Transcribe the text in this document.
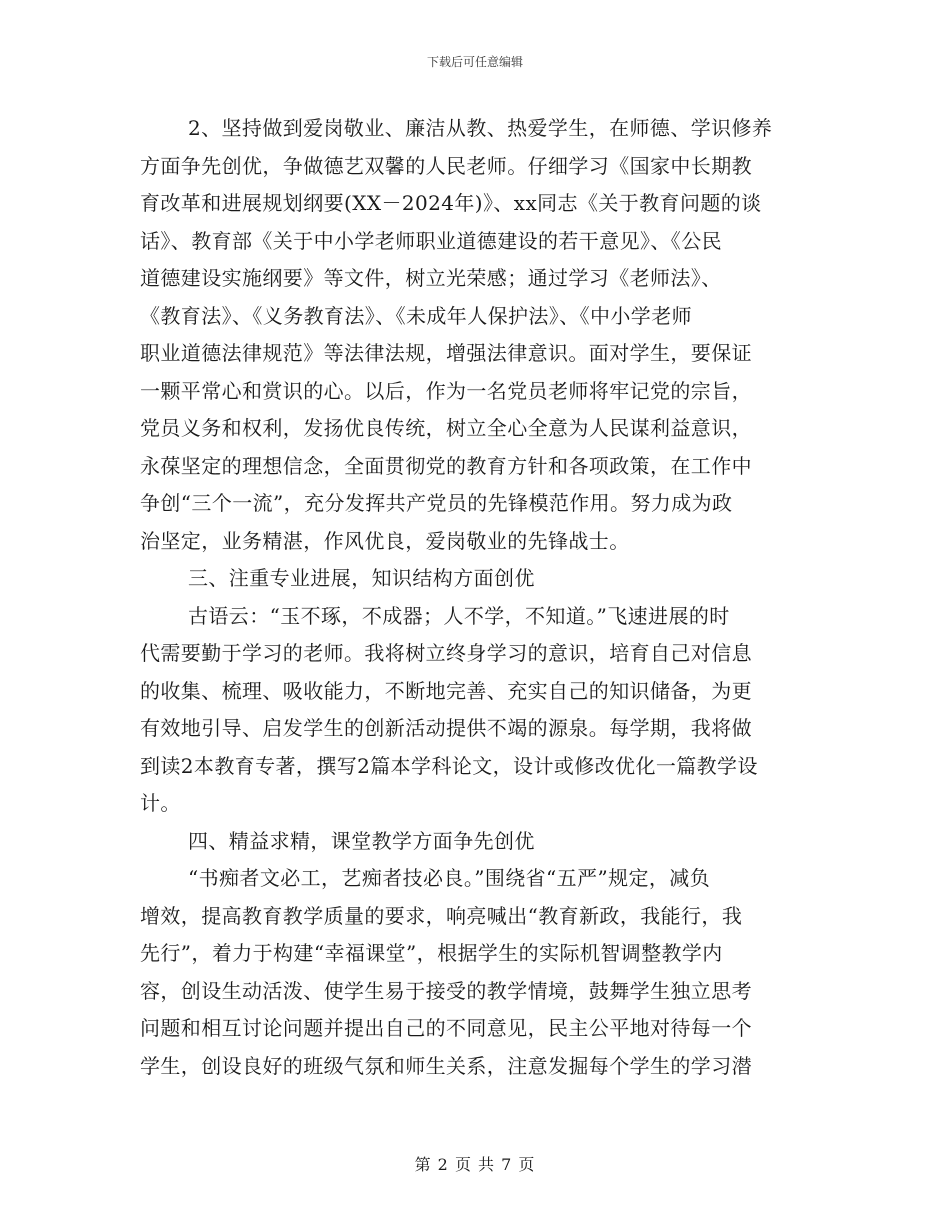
下载后可任意编辑
2、坚持做到爱岗敬业、廉洁从教、热爱学生，在师德、学识修养
方面争先创优，争做德艺双馨的人民老师。仔细学习《国家中长期教
育改革和进展规划纲要(XX－2024年)》、xx同志《关于教育问题的谈
话》、教育部《关于中小学老师职业道德建设的若干意见》、《公民
道德建设实施纲要》等文件，树立光荣感；通过学习《老师法》、
《教育法》、《义务教育法》、《未成年人保护法》、《中小学老师
职业道德法律规范》等法律法规，增强法律意识。面对学生，要保证
一颗平常心和赏识的心。以后，作为一名党员老师将牢记党的宗旨，
党员义务和权利，发扬优良传统，树立全心全意为人民谋利益意识，
永葆坚定的理想信念，全面贯彻党的教育方针和各项政策，在工作中
争创“三个一流”，充分发挥共产党员的先锋模范作用。努力成为政
治坚定，业务精湛，作风优良，爱岗敬业的先锋战士。
三、注重专业进展，知识结构方面创优
古语云：“玉不琢，不成器；人不学，不知道。”飞速进展的时
代需要勤于学习的老师。我将树立终身学习的意识，培育自己对信息
的收集、梳理、吸收能力，不断地完善、充实自己的知识储备，为更
有效地引导、启发学生的创新活动提供不竭的源泉。每学期，我将做
到读2本教育专著，撰写2篇本学科论文，设计或修改优化一篇教学设
计。
四、精益求精，课堂教学方面争先创优
“书痴者文必工，艺痴者技必良。”围绕省“五严”规定，减负
增效，提高教育教学质量的要求，响亮喊出“教育新政，我能行，我
先行”，着力于构建“幸福课堂”，根据学生的实际机智调整教学内
容，创设生动活泼、使学生易于接受的教学情境，鼓舞学生独立思考
问题和相互讨论问题并提出自己的不同意见，民主公平地对待每一个
学生，创设良好的班级气氛和师生关系，注意发掘每个学生的学习潜
第 2 页 共 7 页
